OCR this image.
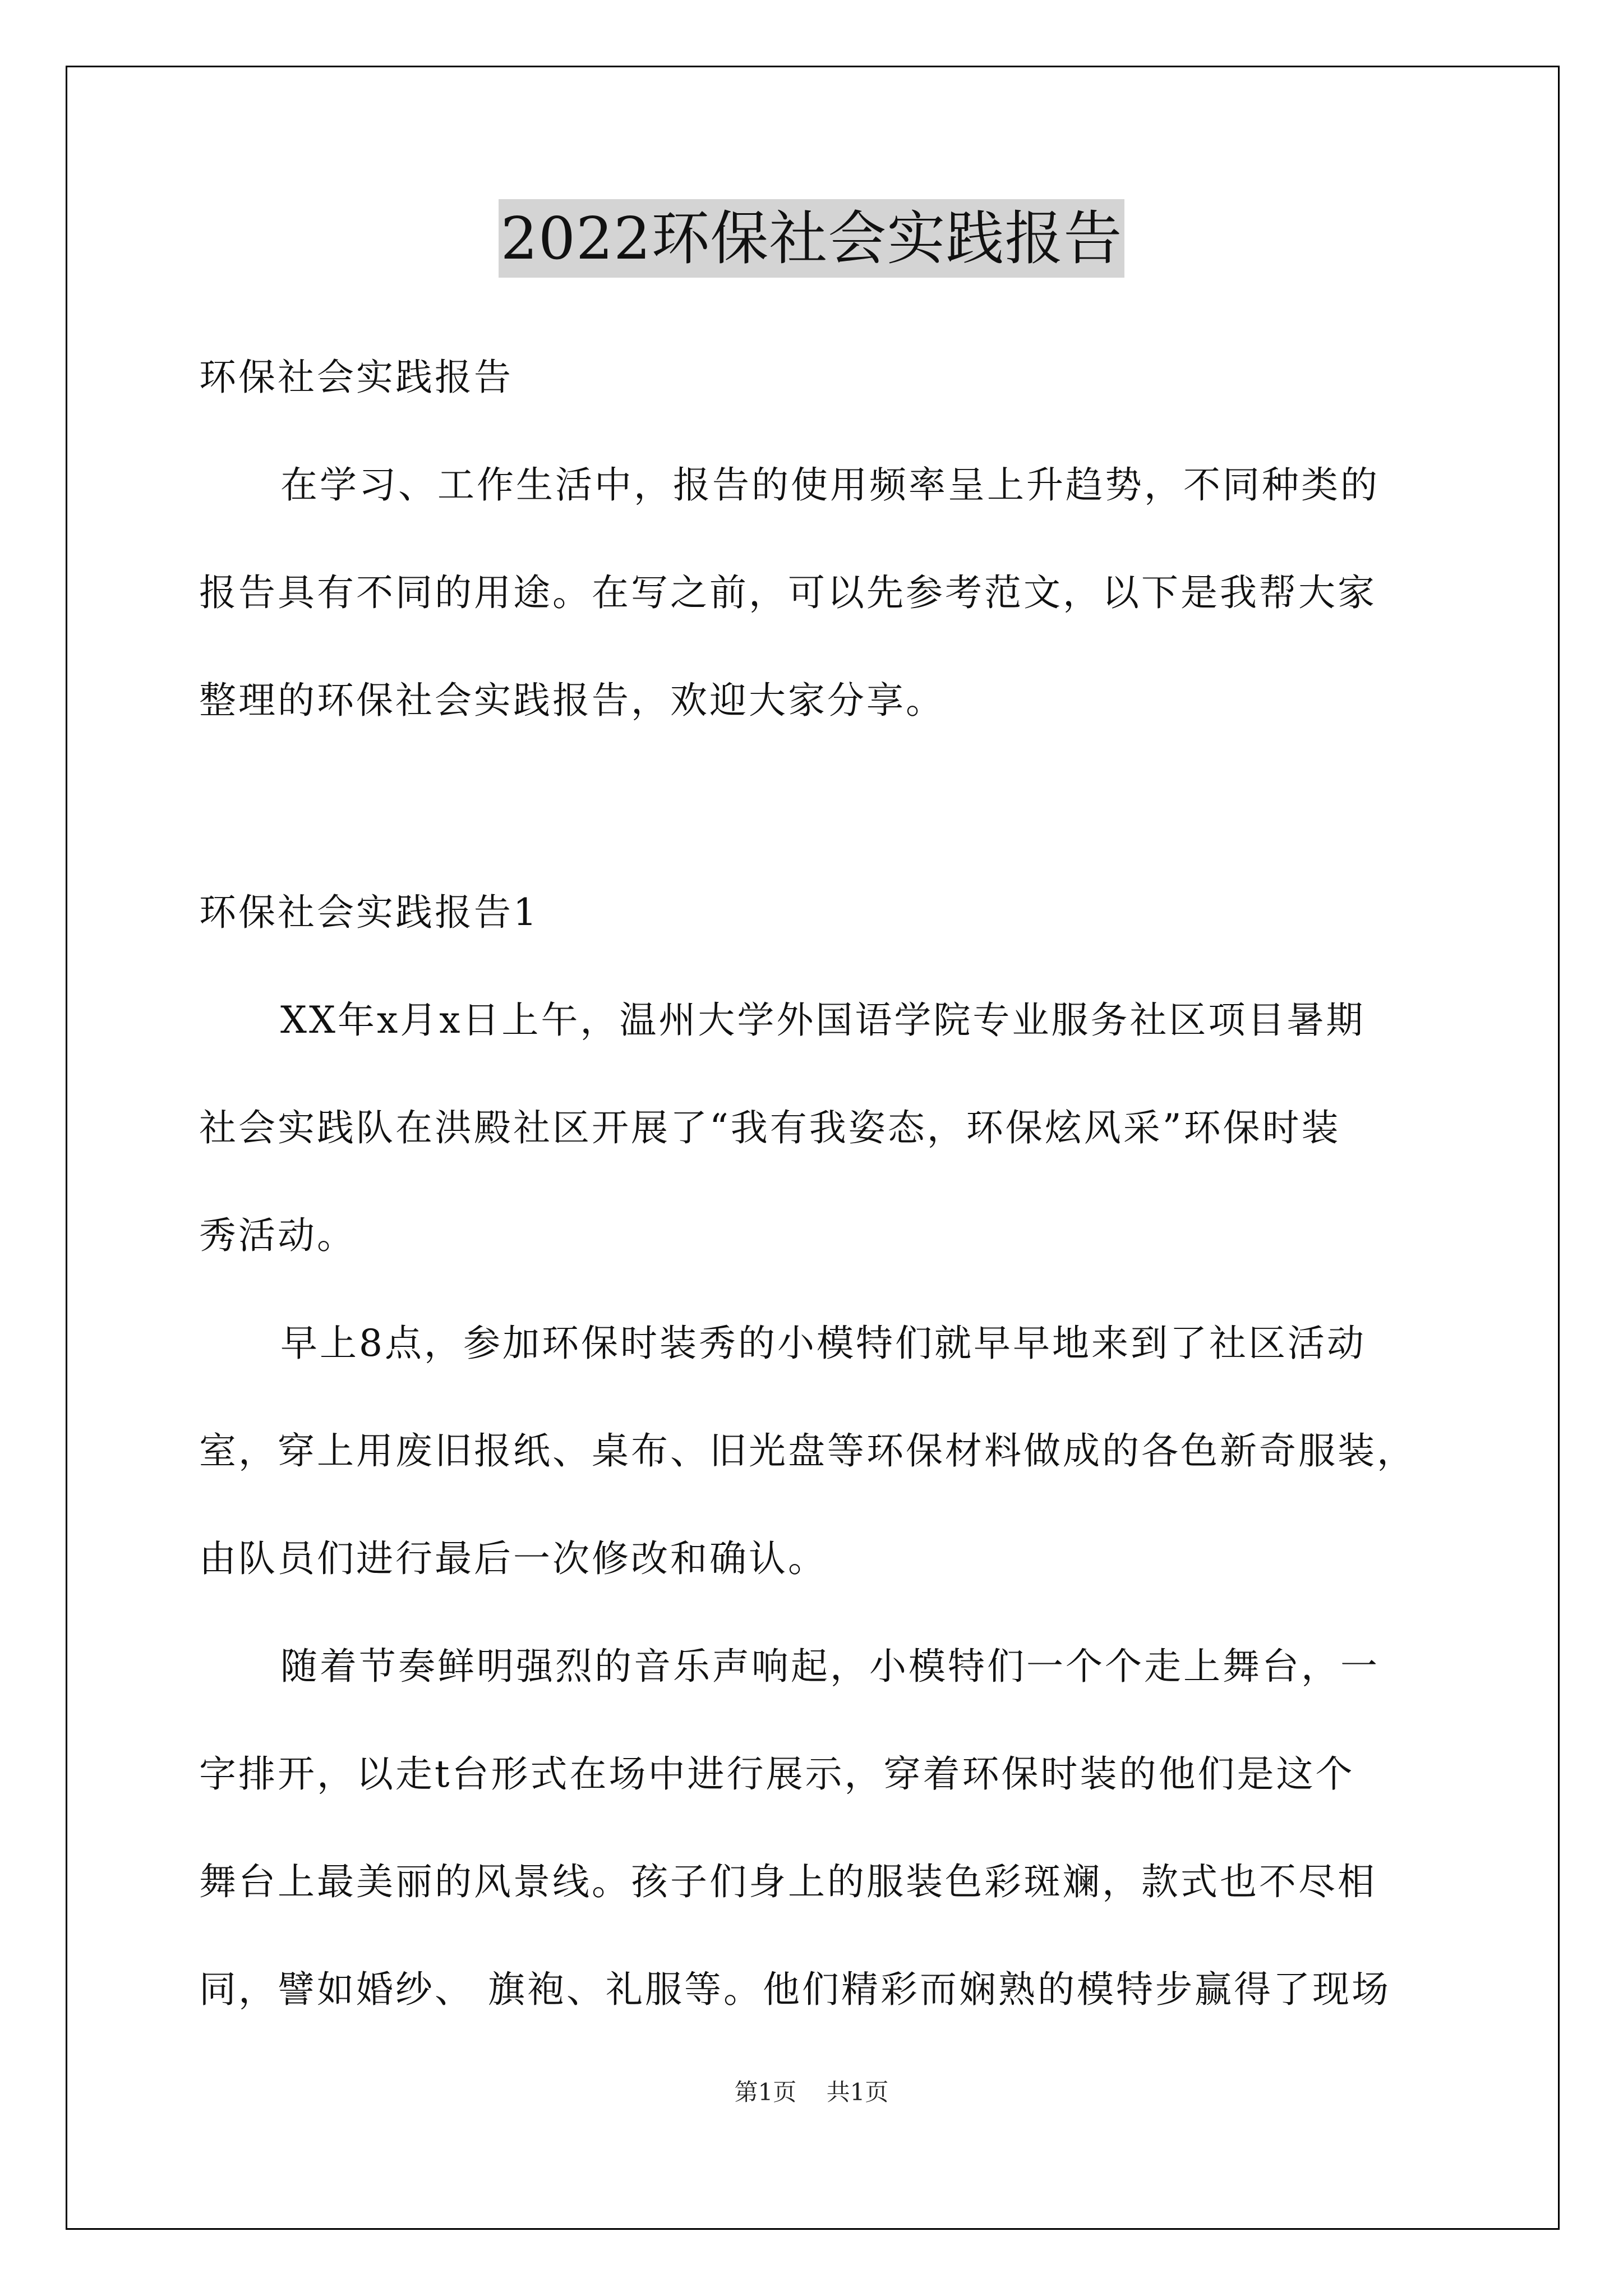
2022环保社会实践报告
环保社会实践报告
在学习、工作生活中，报告的使用频率呈上升趋势，不同种类的
报告具有不同的用途。在写之前，可以先参考范文，以下是我帮大家
整理的环保社会实践报告，欢迎大家分享。
环保社会实践报告1
XX年x月x日上午，温州大学外国语学院专业服务社区项目暑期
社会实践队在洪殿社区开展了“我有我姿态，环保炫风采”环保时装
秀活动。
早上8点，参加环保时装秀的小模特们就早早地来到了社区活动
室，穿上用废旧报纸、桌布、旧光盘等环保材料做成的各色新奇服装，
由队员们进行最后一次修改和确认。
随着节奏鲜明强烈的音乐声响起，小模特们一个个走上舞台，一
字排开，以走t台形式在场中进行展示，穿着环保时装的他们是这个
舞台上最美丽的风景线。孩子们身上的服装色彩斑斓，款式也不尽相
同，譬如婚纱、 旗袍、礼服等。他们精彩而娴熟的模特步赢得了现场
第1页 共1页
